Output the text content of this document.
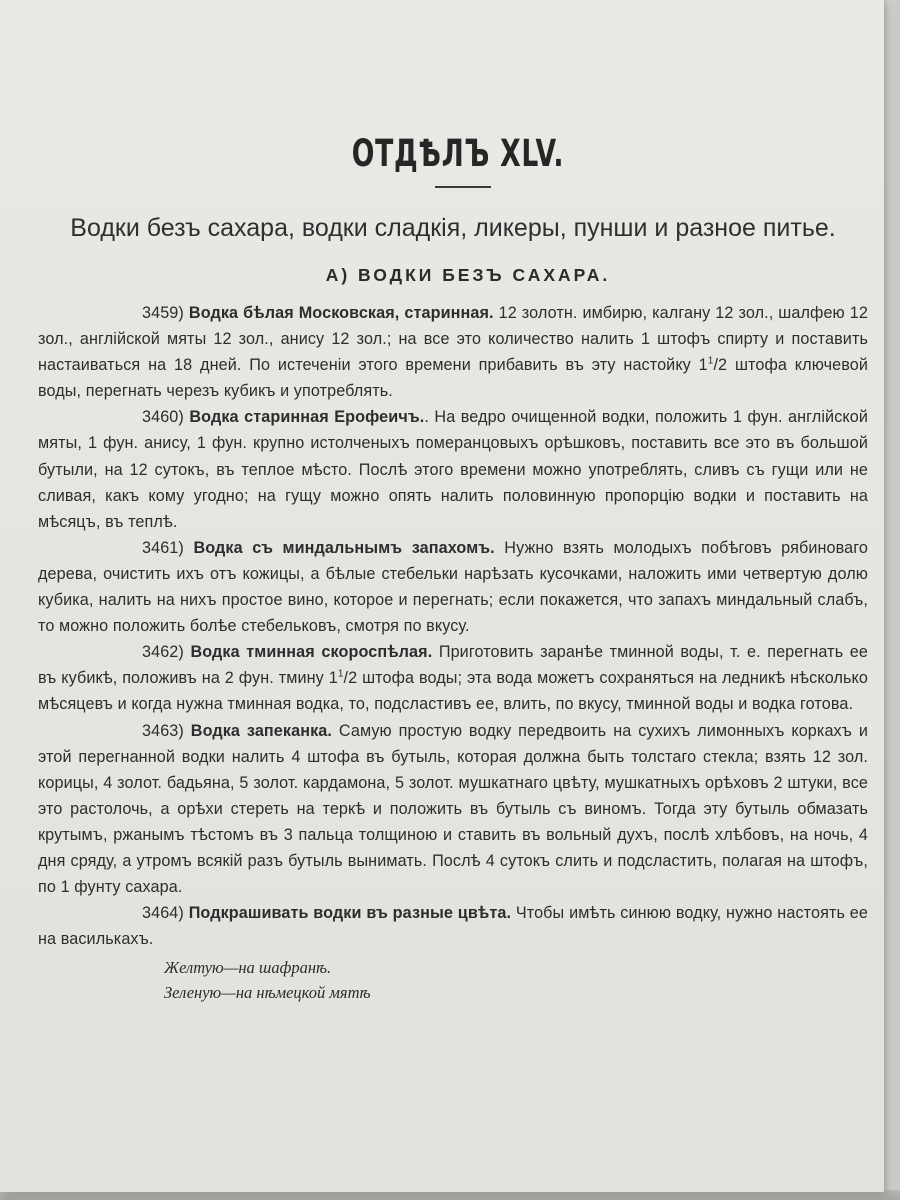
ОТДѢЛЪ XLV.
Водки безъ сахара, водки сладкія, ликеры, пунши и разное питье.
А) ВОДКИ БЕЗЪ САХАРА.

3459) Водка бѣлая Московская, старинная. 12 золотн. имбирю, калгану 12 зол., шалфею 12 зол., англійской мяты 12 зол., анису 12 зол.; на все это количество налить 1 штофъ спирту и поставить настаиваться на 18 дней. По истеченіи этого времени прибавить въ эту настойку $1^1/2$ штофа ключевой воды, перегнать черезъ кубикъ и употреблять.

3460) Водка старинная Ерофеичъ.. На ведро очищенной водки, положить 1 фун. англійской мяты, 1 фун. анису, 1 фун. крупно истолченыхъ померанцовыхъ орѣшковъ, поставить все это въ большой бутыли, на 12 сутокъ, въ теплое мѣсто. Послѣ этого времени можно употреблять, сливъ съ гущи или не сливая, какъ кому угодно; на гущу можно опять налить половинную пропорцію водки и поставить на мѣсяцъ, въ теплѣ.

3461) Водка съ миндальнымъ запахомъ. Нужно взять молодыхъ побѣговъ рябиноваго дерева, очистить ихъ отъ кожицы, а бѣлые стебельки нарѣзать кусочками, наложить ими четвертую долю кубика, налить на нихъ простое вино, которое и перегнать; если покажется, что запахъ миндальный слабъ, то можно положить болѣе стебельковъ, смотря по вкусу.

3462) Водка тминная скороспѣлая. Приготовить заранѣе тминной воды, т. е. перегнать ее въ кубикѣ, положивъ на 2 фун. тмину $1^1/2$ штофа воды; эта вода можетъ сохраняться на ледникѣ нѣсколько мѣсяцевъ и когда нужна тминная водка, то, подсластивъ ее, влить, по вкусу, тминной воды и водка готова.

3463) Водка запеканка. Самую простую водку передвоить на сухихъ лимонныхъ коркахъ и этой перегнанной водки налить 4 штофа въ бутыль, которая должна быть толстаго стекла; взять 12 зол. корицы, 4 золот. бадьяна, 5 золот. кардамона, 5 золот. мушкатнаго цвѣту, мушкатныхъ орѣховъ 2 штуки, все это растолочь, а орѣхи стереть на теркѣ и положить въ бутыль съ виномъ. Тогда эту бутыль обмазать крутымъ, ржанымъ тѣстомъ въ 3 пальца толщиною и ставить въ вольный духъ, послѣ хлѣбовъ, на ночь, 4 дня сряду, а утромъ всякій разъ бутыль вынимать. Послѣ 4 сутокъ слить и подсластить, полагая на штофъ, по 1 фунту сахара.

3464) Подкрашивать водки въ разные цвѣта. Чтобы имѣть синюю водку, нужно настоять ее на василькахъ.

Желтую—на шафранѣ.
Зеленую—на нѣмецкой мятѣ
